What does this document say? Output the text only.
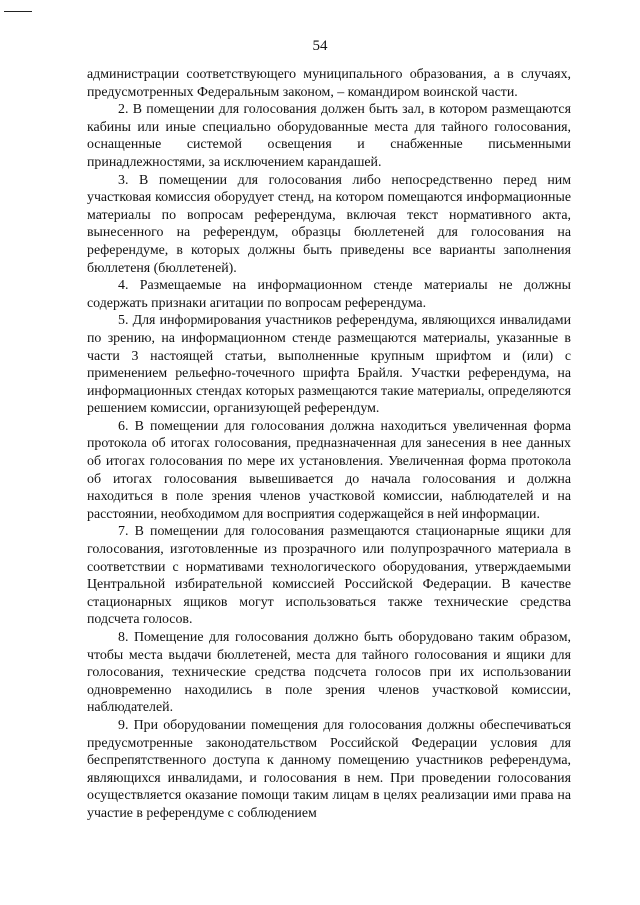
54

администрации соответствующего муниципального образования, а в случаях, предусмотренных Федеральным законом, – командиром воинской части.

2. В помещении для голосования должен быть зал, в котором размещаются кабины или иные специально оборудованные места для тайного голосования, оснащенные системой освещения и снабженные письменными принадлежностями, за исключением карандашей.

3. В помещении для голосования либо непосредственно перед ним участковая комиссия оборудует стенд, на котором помещаются информационные материалы по вопросам референдума, включая текст нормативного акта, вынесенного на референдум, образцы бюллетеней для голосования на референдуме, в которых должны быть приведены все варианты заполнения бюллетеня (бюллетеней).

4. Размещаемые на информационном стенде материалы не должны содержать признаки агитации по вопросам референдума.

5. Для информирования участников референдума, являющихся инвалидами по зрению, на информационном стенде размещаются материалы, указанные в части 3 настоящей статьи, выполненные крупным шрифтом и (или) с применением рельефно-точечного шрифта Брайля. Участки референдума, на информационных стендах которых размещаются такие материалы, определяются решением комиссии, организующей референдум.

6. В помещении для голосования должна находиться увеличенная форма протокола об итогах голосования, предназначенная для занесения в нее данных об итогах голосования по мере их установления. Увеличенная форма протокола об итогах голосования вывешивается до начала голосования и должна находиться в поле зрения членов участковой комиссии, наблюдателей и на расстоянии, необходимом для восприятия содержащейся в ней информации.

7. В помещении для голосования размещаются стационарные ящики для голосования, изготовленные из прозрачного или полупрозрачного материала в соответствии с нормативами технологического оборудования, утверждаемыми Центральной избирательной комиссией Российской Федерации. В качестве стационарных ящиков могут использоваться также технические средства подсчета голосов.

8. Помещение для голосования должно быть оборудовано таким образом, чтобы места выдачи бюллетеней, места для тайного голосования и ящики для голосования, технические средства подсчета голосов при их использовании одновременно находились в поле зрения членов участковой комиссии, наблюдателей.

9. При оборудовании помещения для голосования должны обеспечиваться предусмотренные законодательством Российской Федерации условия для беспрепятственного доступа к данному помещению участников референдума, являющихся инвалидами, и голосования в нем. При проведении голосования осуществляется оказание помощи таким лицам в целях реализации ими права на участие в референдуме с соблюдением
